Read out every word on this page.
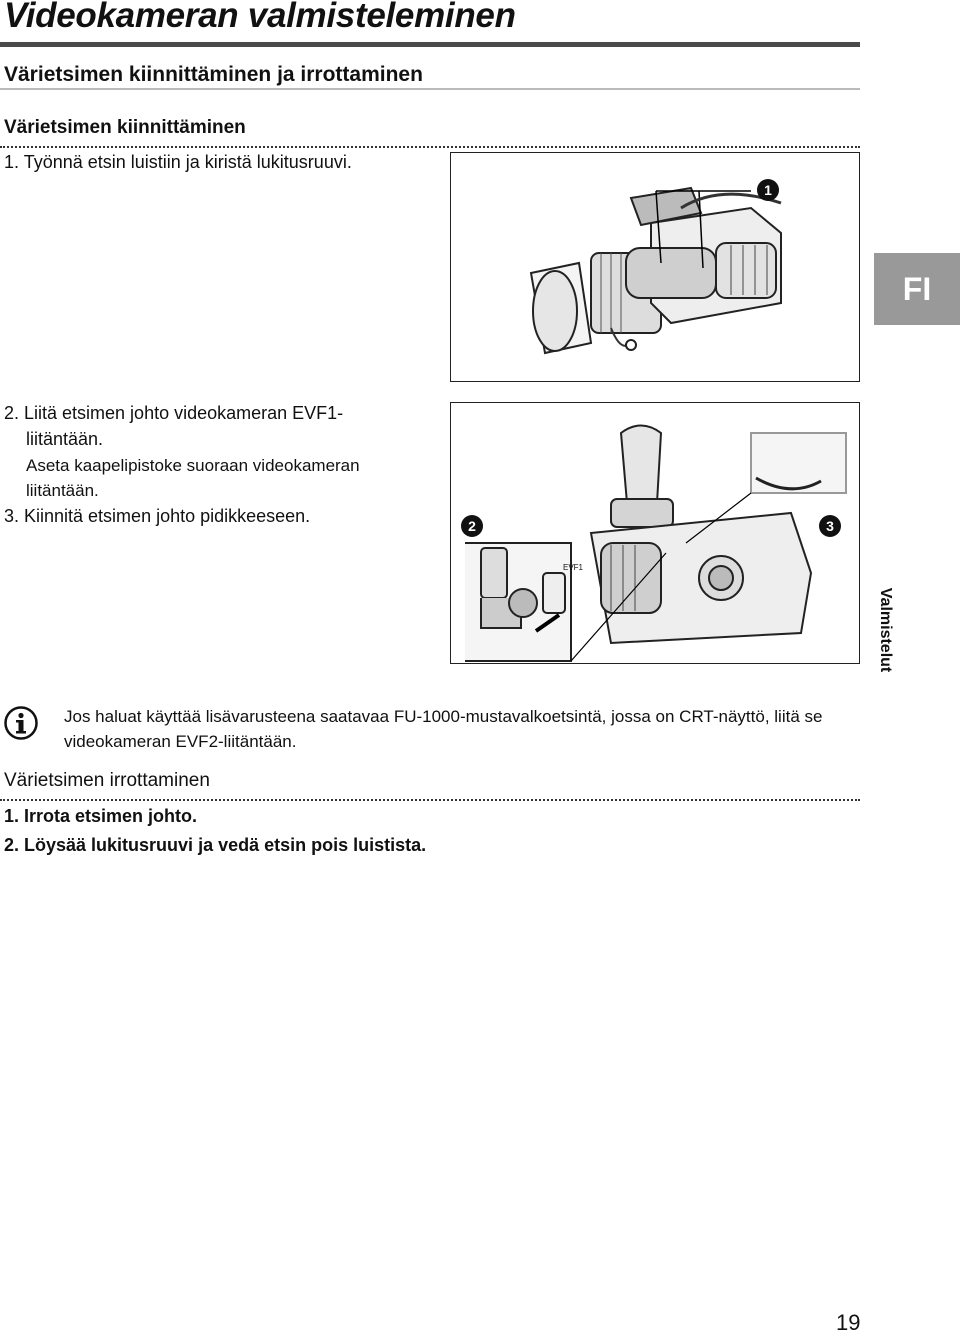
Videokameran valmisteleminen
Värietsimen kiinnittäminen ja irrottaminen
Värietsimen kiinnittäminen
1. Työnnä etsin luistiin ja kiristä lukitusruuvi.
2. Liitä etsimen johto videokameran EVF1-
liitäntään.
Aseta kaapelipistoke suoraan videokameran
liitäntään.
3. Kiinnitä etsimen johto pidikkeeseen.
1
2	3
EVF1
FI
Valmistelut
Jos haluat käyttää lisävarusteena saatavaa FU-1000-mustavalkoetsintä, jossa on CRT-näyttö, liitä se videokameran EVF2-liitäntään.
Värietsimen irrottaminen
1. Irrota etsimen johto.
2. Löysää lukitusruuvi ja vedä etsin pois luistista.
19
